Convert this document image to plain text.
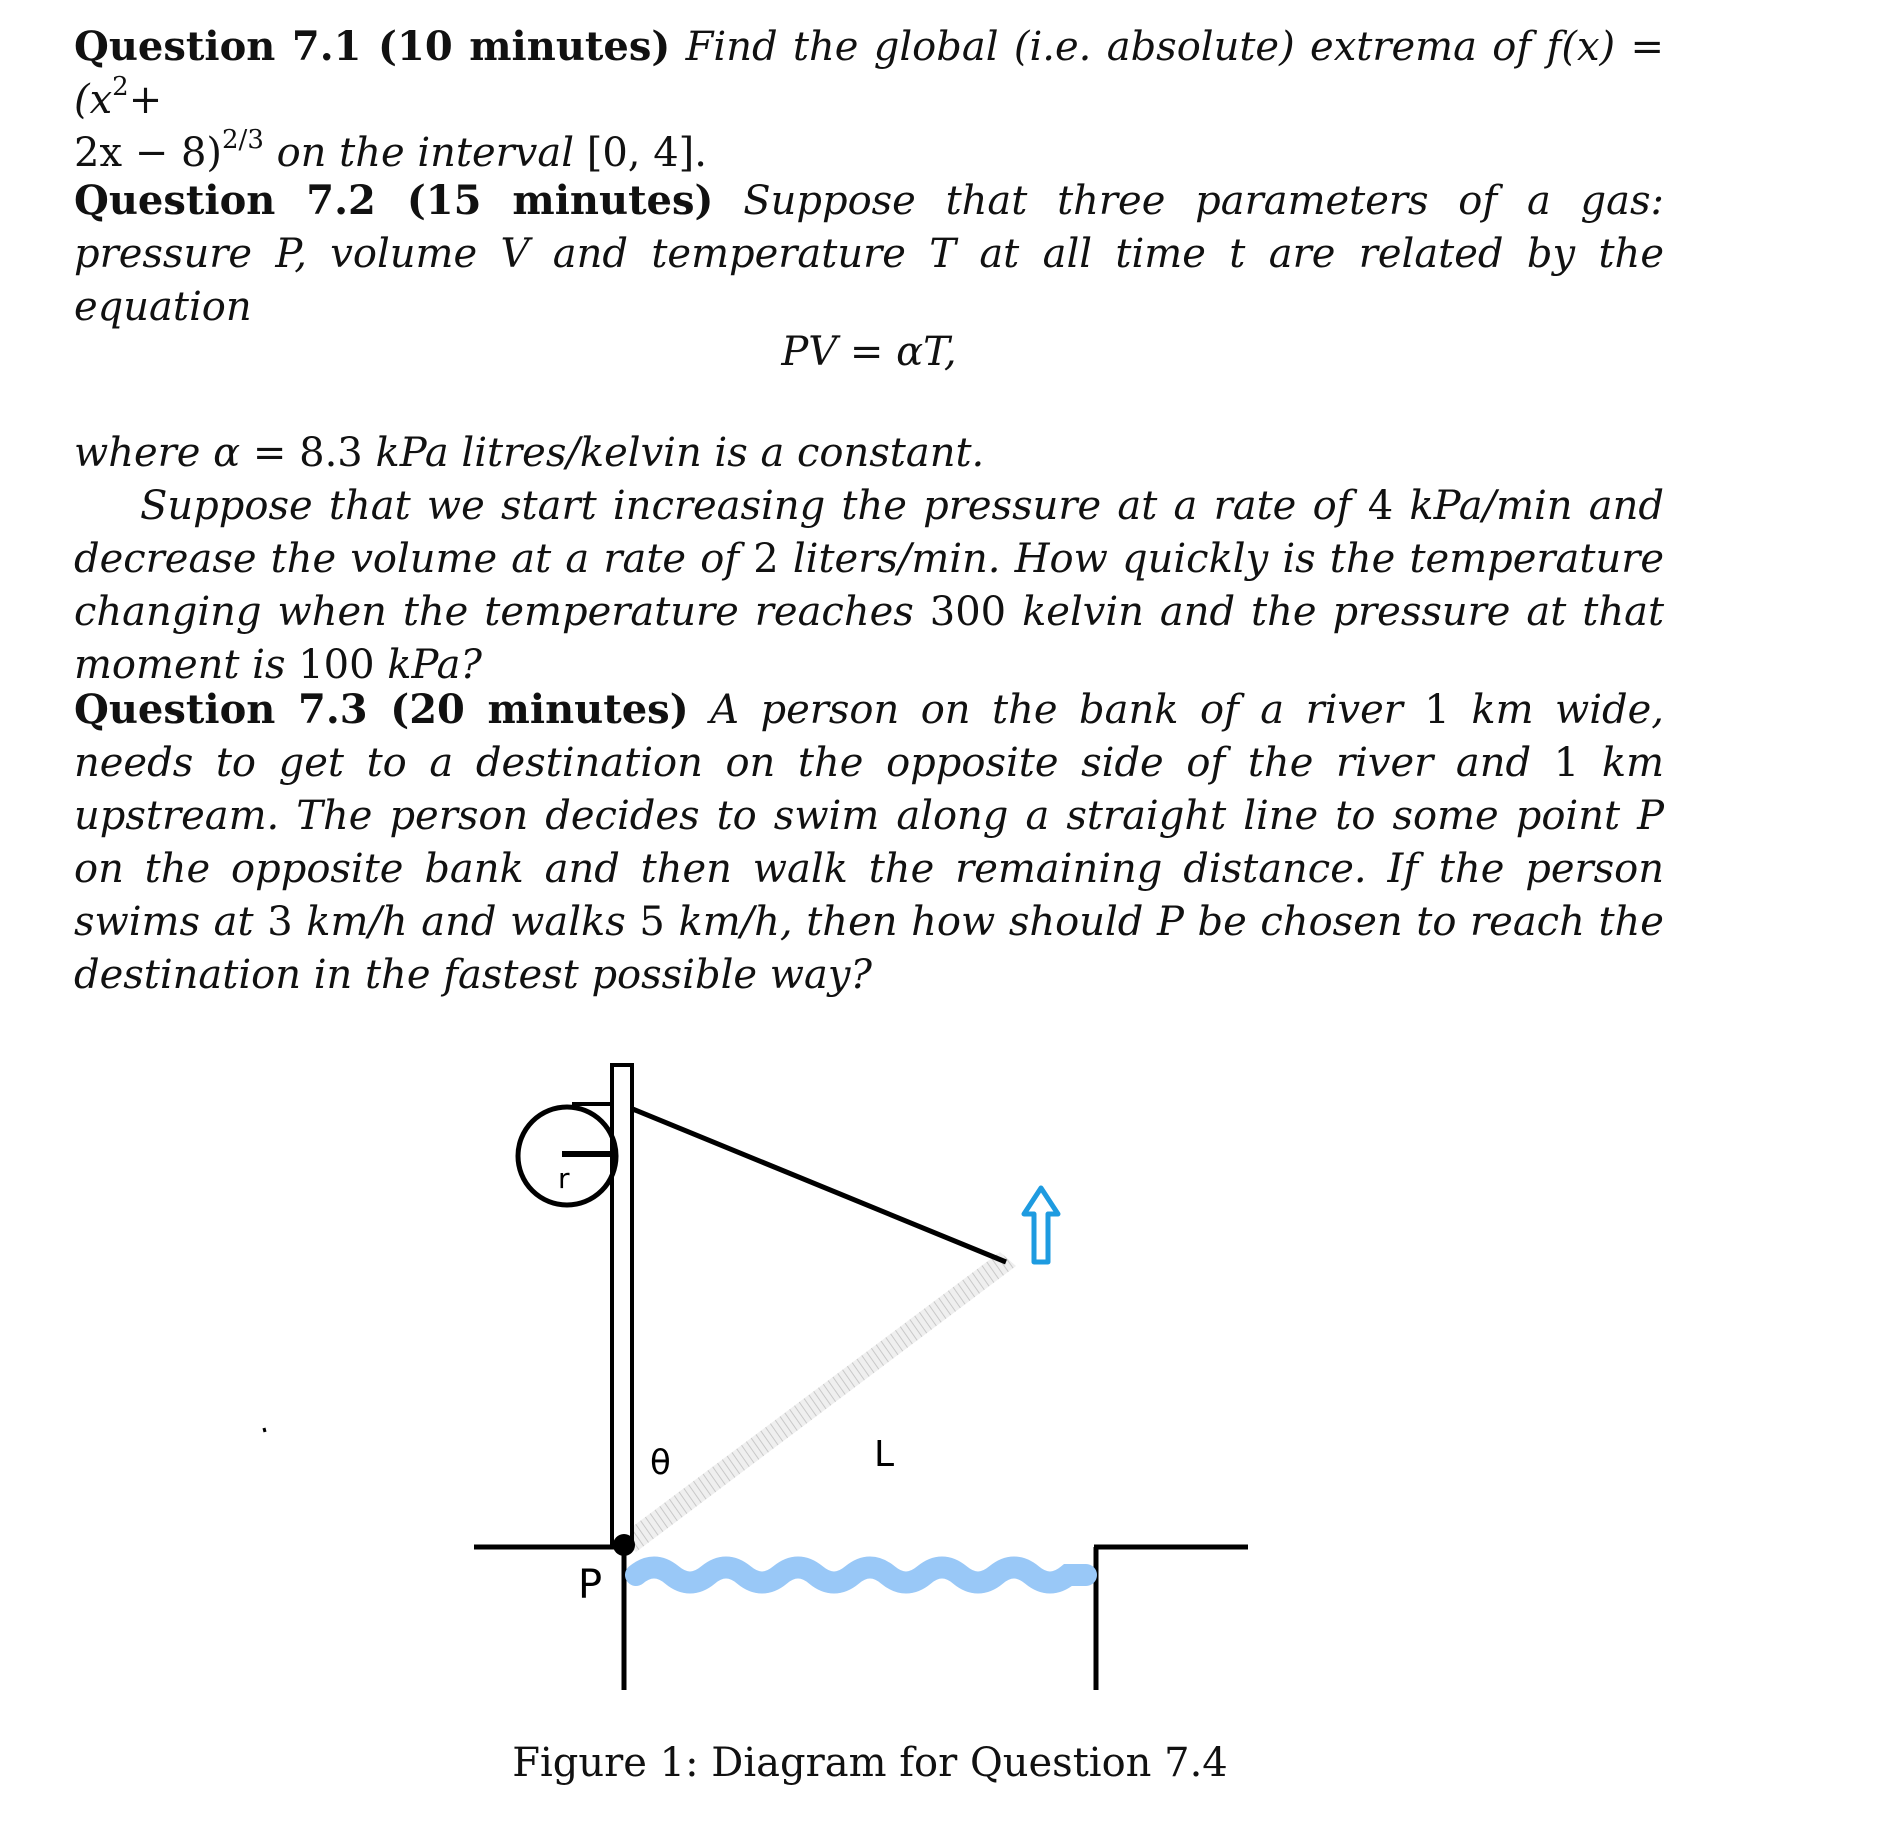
Question 7.1 (10 minutes) Find the global (i.e. absolute) extrema of $f(x) = (x^2+$
2x − 8)$^{2/3}$ on the interval [0, 4].
Question 7.2 (15 minutes) Suppose that three parameters of a gas: pressure P, volume V and temperature T at all time t are related by the equation
PV = αT,
where α = 8.3 kPa litres/kelvin is a constant.
Suppose that we start increasing the pressure at a rate of 4 kPa/min and decrease the volume at a rate of 2 liters/min. How quickly is the temperature changing when the temperature reaches 300 kelvin and the pressure at that moment is 100 kPa?
Question 7.3 (20 minutes) A person on the bank of a river 1 km wide, needs to get to a destination on the opposite side of the river and 1 km upstream. The person decides to swim along a straight line to some point P on the opposite bank and then walk the remaining distance. If the person swims at 3 km/h and walks 5 km/h, then how should P be chosen to reach the destination in the fastest possible way?
r
θ	L
P
Figure 1: Diagram for Question 7.4
